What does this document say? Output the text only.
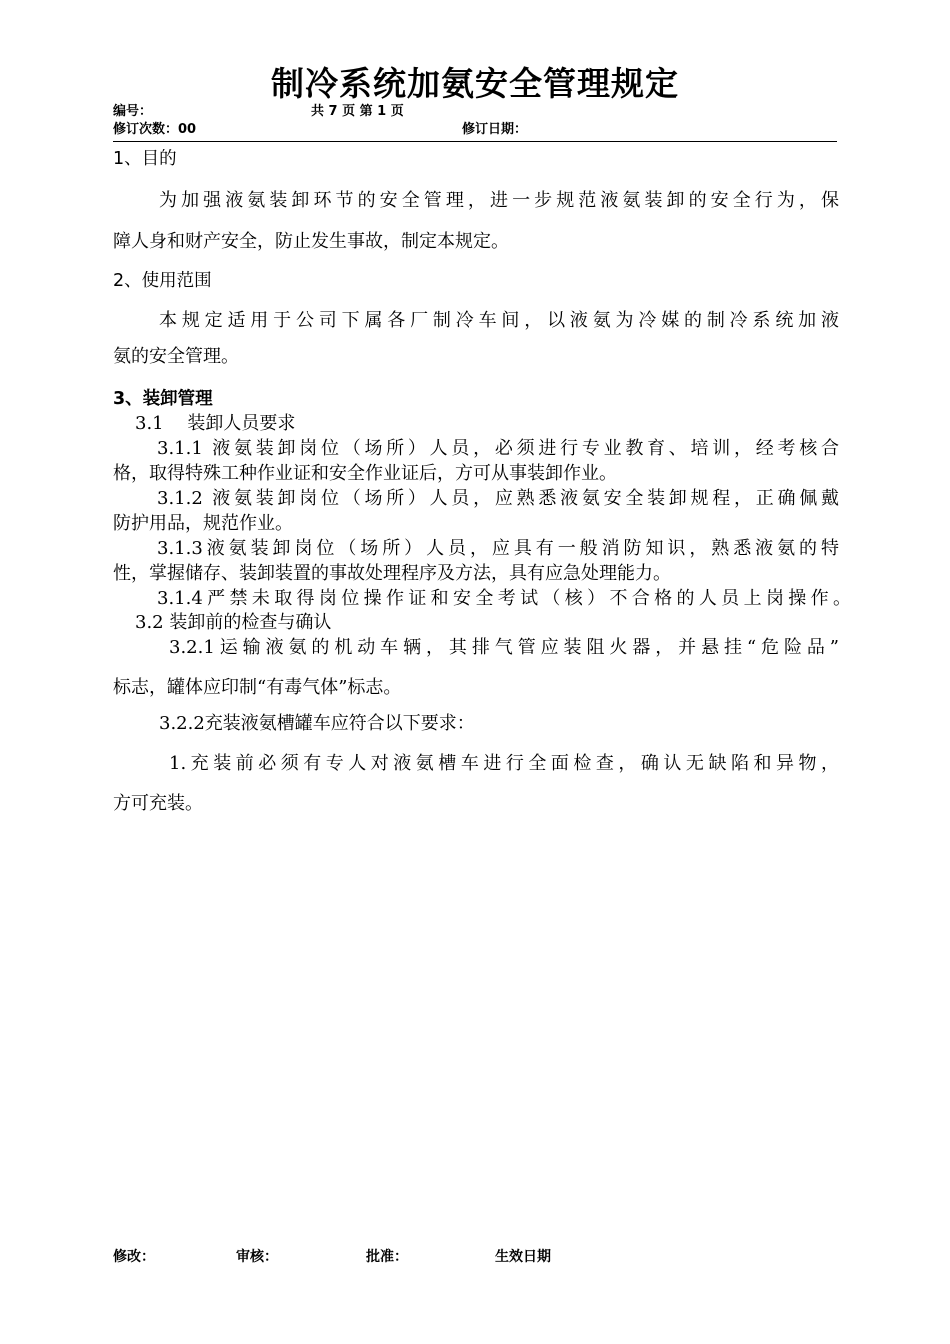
制冷系统加氨安全管理规定
编号：	共 7 页 第 1 页
修订次数：00	修订日期：
1、目的
为加强液氨装卸环节的安全管理，进一步规范液氨装卸的安全行为，保
障人身和财产安全，防止发生事故，制定本规定。
2、使用范围
本规定适用于公司下属各厂制冷车间，以液氨为冷媒的制冷系统加液
氨的安全管理。
3、装卸管理
3.1　 装卸人员要求
3.1.1 液氨装卸岗位（场所）人员，必须进行专业教育、培训，经考核合
格，取得特殊工种作业证和安全作业证后，方可从事装卸作业。
3.1.2 液氨装卸岗位（场所）人员，应熟悉液氨安全装卸规程，正确佩戴
防护用品，规范作业。
3.1.3液氨装卸岗位（场所）人员，应具有一般消防知识，熟悉液氨的特
性，掌握储存、装卸装置的事故处理程序及方法，具有应急处理能力。
3.1.4严禁未取得岗位操作证和安全考试（核）不合格的人员上岗操作。
3.2 装卸前的检查与确认
3.2.1运输液氨的机动车辆，其排气管应装阻火器，并悬挂“危险品”
标志，罐体应印制“有毒气体”标志。
3.2.2充装液氨槽罐车应符合以下要求：
1.充装前必须有专人对液氨槽车进行全面检查，确认无缺陷和异物，
方可充装。
修改：	审核：	批准：	生效日期
